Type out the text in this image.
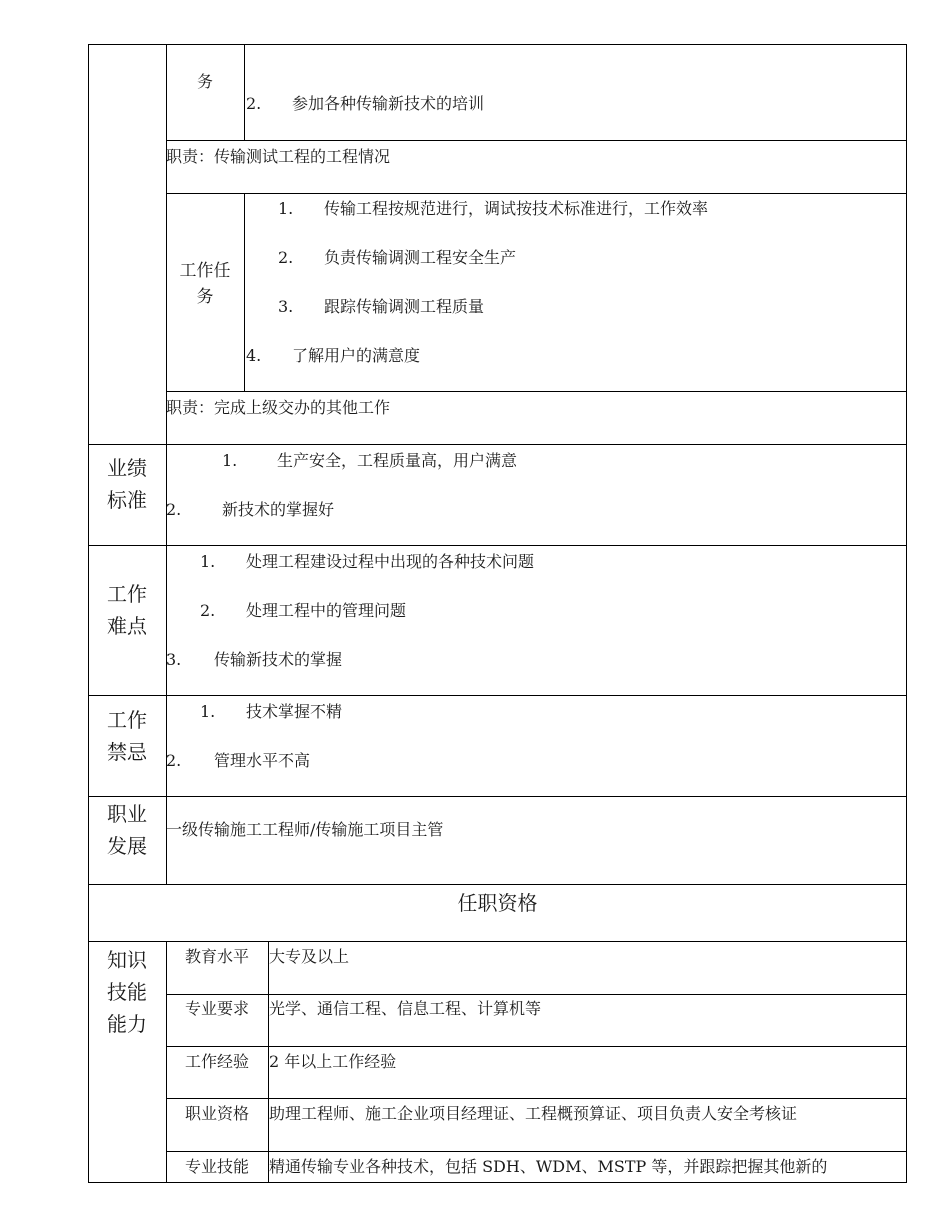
务
2. 参加各种传输新技术的培训
职责：传输测试工程的工程情况
工作任
务
1. 传输工程按规范进行，调试按技术标准进行，工作效率
2. 负责传输调测工程安全生产
3. 跟踪传输调测工程质量
4. 了解用户的满意度
职责：完成上级交办的其他工作
业绩
标准
1. 生产安全，工程质量高，用户满意
2.	新技术的掌握好
工作
难点
1. 处理工程建设过程中出现的各种技术问题
2. 处理工程中的管理问题
3. 传输新技术的掌握
工作
禁忌
1. 技术掌握不精
2. 管理水平不高
职业
发展
一级传输施工工程师/传输施工项目主管
任职资格
知识
技能
能力
教育水平	大专及以上
专业要求	光学、通信工程、信息工程、计算机等
工作经验	2 年以上工作经验
职业资格	助理工程师、施工企业项目经理证、工程概预算证、项目负责人安全考核证
专业技能	精通传输专业各种技术，包括 SDH、WDM、MSTP 等，并跟踪把握其他新的
